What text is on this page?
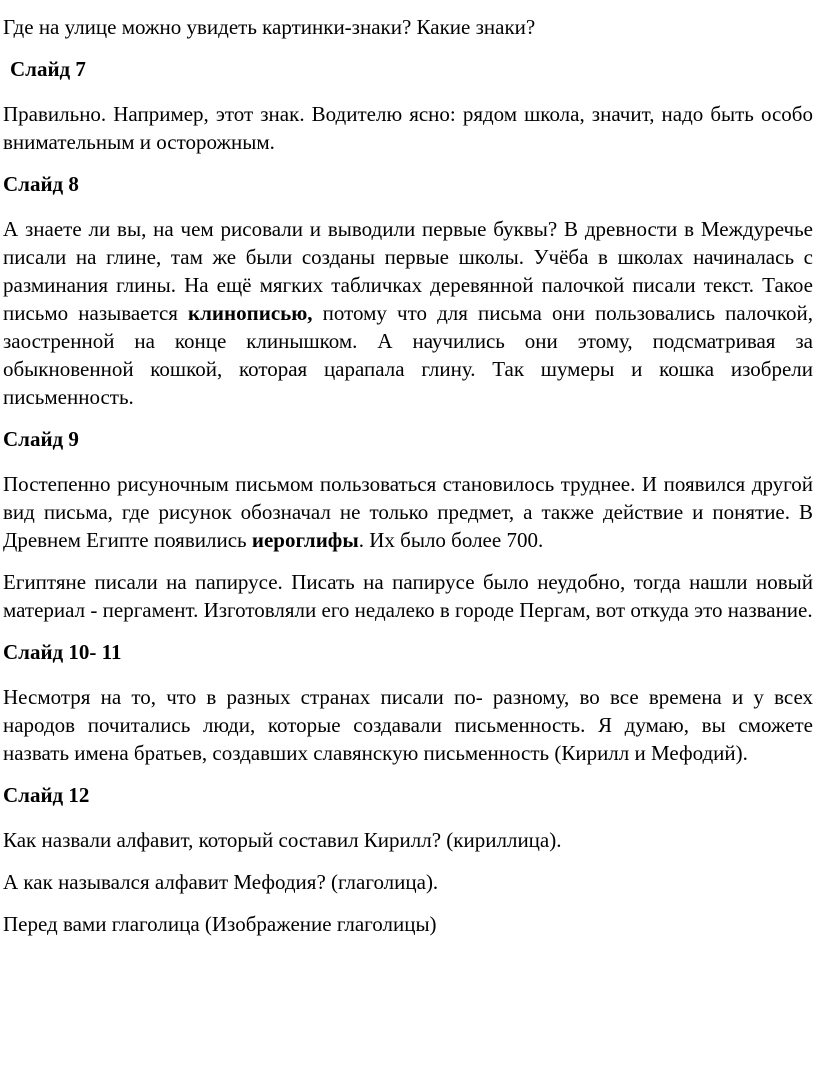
Где на улице можно увидеть картинки-знаки? Какие знаки?

Слайд 7

Правильно. Например, этот знак. Водителю ясно: рядом школа, значит, надо быть особо внимательным и осторожным.

Слайд 8

А знаете ли вы, на чем рисовали и выводили первые буквы? В древности в Междуречье писали на глине, там же были созданы первые школы. Учёба в школах начиналась с разминания глины. На ещё мягких табличках деревянной палочкой писали текст. Такое письмо называется клинописью, потому что для письма они пользовались палочкой, заостренной на конце клинышком. А научились они этому, подсматривая за обыкновенной кошкой, которая царапала глину. Так шумеры и кошка изобрели письменность.

Слайд 9

Постепенно рисуночным письмом пользоваться становилось труднее. И появился другой вид письма, где рисунок обозначал не только предмет, а также действие и понятие. В Древнем Египте появились иероглифы. Их было более 700.

Египтяне писали на папирусе. Писать на папирусе было неудобно, тогда нашли новый материал - пергамент. Изготовляли его недалеко в городе Пергам, вот откуда это название.

Слайд 10- 11

Несмотря на то, что в разных странах писали по- разному, во все времена и у всех народов почитались люди, которые создавали письменность. Я думаю, вы сможете назвать имена братьев, создавших славянскую письменность (Кирилл и Мефодий).

Слайд 12

Как назвали алфавит, который составил Кирилл? (кириллица).

А как назывался алфавит Мефодия? (глаголица).

Перед вами глаголица (Изображение глаголицы)
